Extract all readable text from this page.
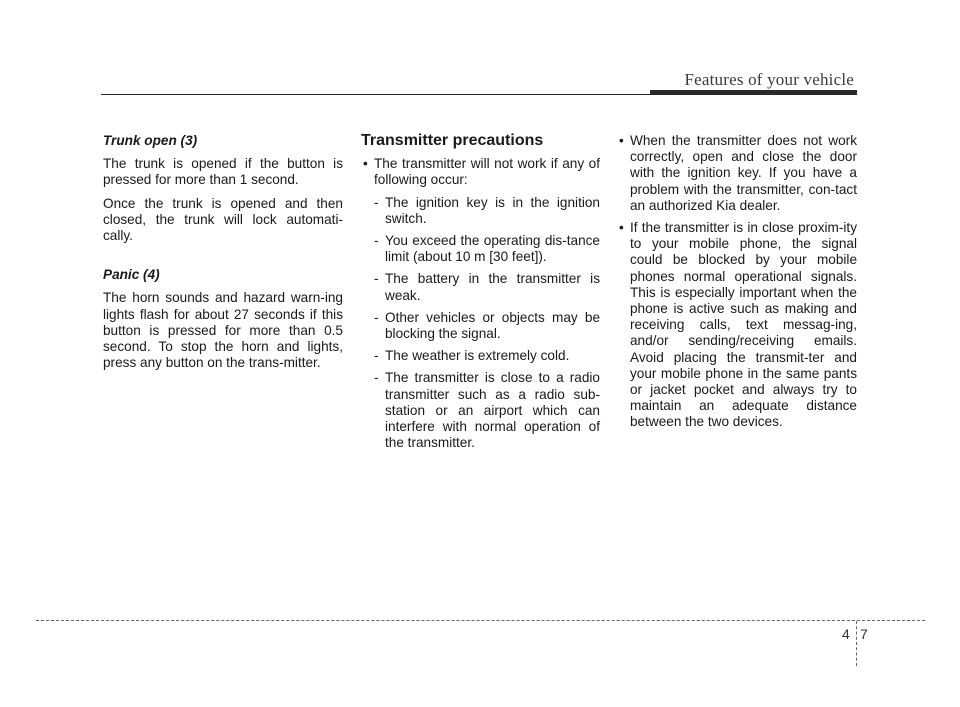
Features of your vehicle

Trunk open (3)

The trunk is opened if the button is pressed for more than 1 second.

Once the trunk is opened and then closed, the trunk will lock automati-cally.

Panic (4)

The horn sounds and hazard warn-ing lights flash for about 27 seconds if this button is pressed for more than 0.5 second. To stop the horn and lights, press any button on the trans-mitter.

Transmitter precautions

• The transmitter will not work if any of following occur:
- The ignition key is in the ignition switch.
- You exceed the operating dis-tance limit (about 10 m [30 feet]).
- The battery in the transmitter is weak.
- Other vehicles or objects may be blocking the signal.
- The weather is extremely cold.
- The transmitter is close to a radio transmitter such as a radio sub-station or an airport which can interfere with normal operation of the transmitter.
• When the transmitter does not work correctly, open and close the door with the ignition key. If you have a problem with the transmitter, con-tact an authorized Kia dealer.
• If the transmitter is in close proxim-ity to your mobile phone, the signal could be blocked by your mobile phones normal operational signals. This is especially important when the phone is active such as making and receiving calls, text messag-ing, and/or sending/receiving emails. Avoid placing the transmit-ter and your mobile phone in the same pants or jacket pocket and always try to maintain an adequate distance between the two devices.
4 7
